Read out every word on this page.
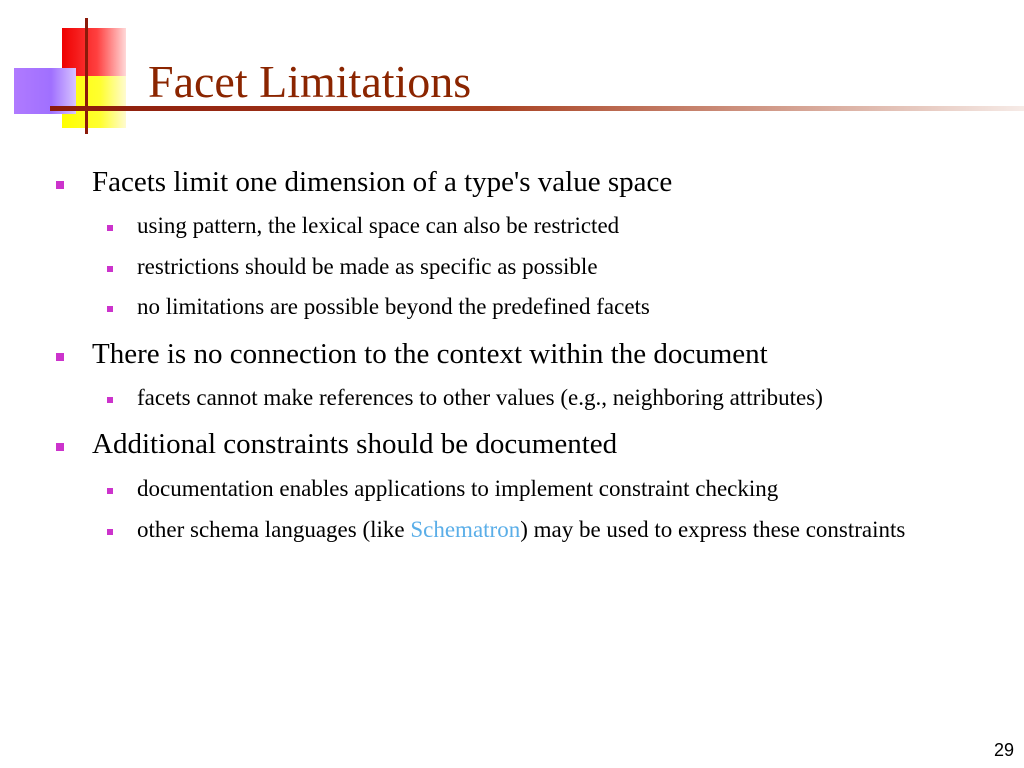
Facet Limitations
Facets limit one dimension of a type's value space
using pattern, the lexical space can also be restricted
restrictions should be made as specific as possible
no limitations are possible beyond the predefined facets
There is no connection to the context within the document
facets cannot make references to other values (e.g., neighboring attributes)
Additional constraints should be documented
documentation enables applications to implement constraint checking
other schema languages (like Schematron) may be used to express these constraints
29
